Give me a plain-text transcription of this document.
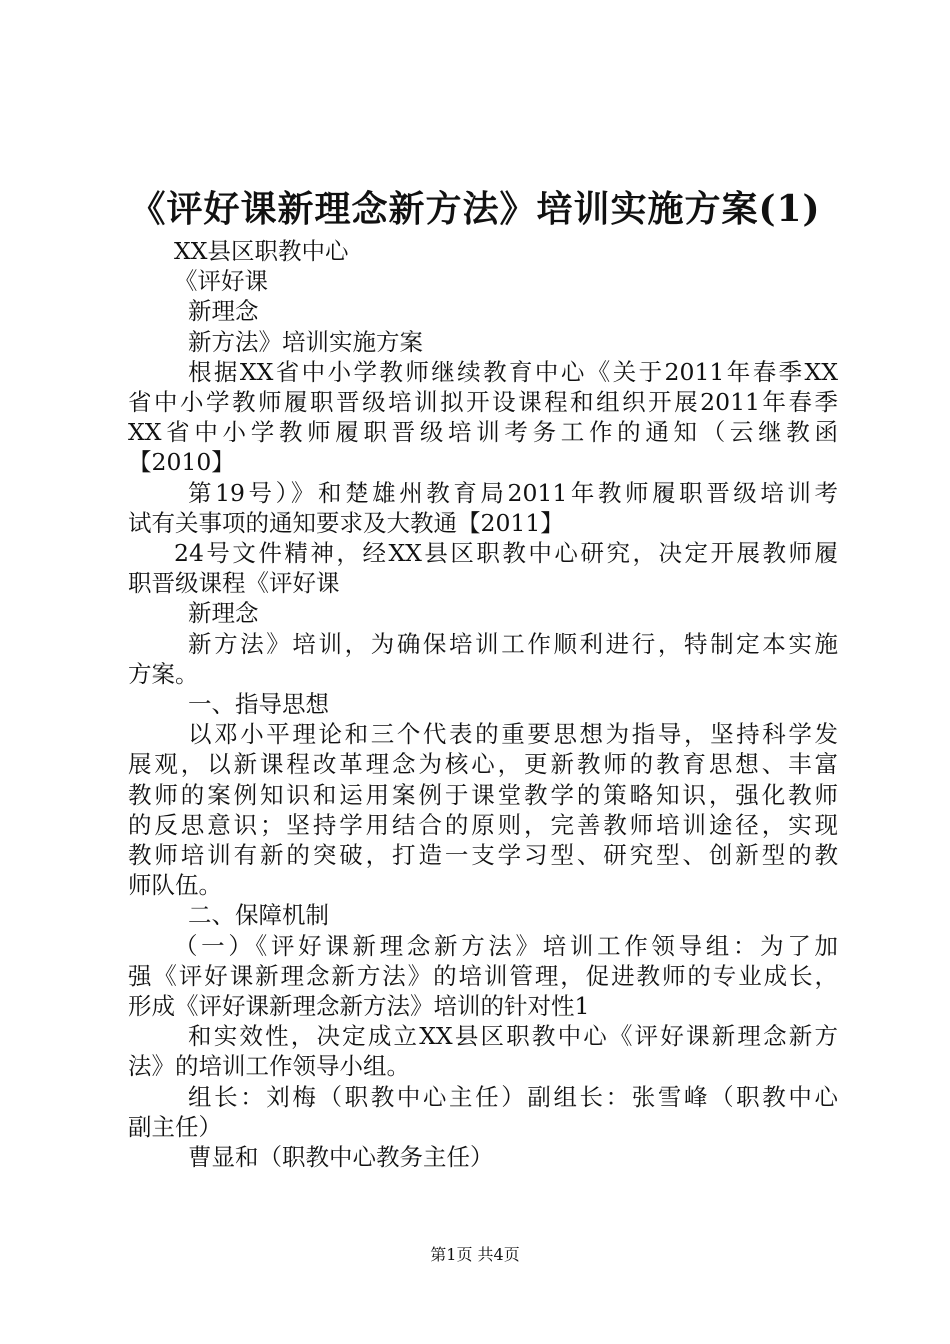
《评好课新理念新方法》培训实施方案(1)

XX县区职教中心

《评好课

新理念

新方法》培训实施方案

根据XX省中小学教师继续教育中心《关于2011年春季XX

省中小学教师履职晋级培训拟开设课程和组织开展2011年春季

XX省中小学教师履职晋级培训考务工作的通知（云继教函

【2010】

第19号）》和楚雄州教育局2011年教师履职晋级培训考

试有关事项的通知要求及大教通【2011】

24号文件精神，经XX县区职教中心研究，决定开展教师履

职晋级课程《评好课

新理念

新方法》培训，为确保培训工作顺利进行，特制定本实施

方案。

一、指导思想

以邓小平理论和三个代表的重要思想为指导，坚持科学发

展观，以新课程改革理念为核心，更新教师的教育思想、丰富

教师的案例知识和运用案例于课堂教学的策略知识，强化教师

的反思意识；坚持学用结合的原则，完善教师培训途径，实现

教师培训有新的突破，打造一支学习型、研究型、创新型的教

师队伍。

二、保障机制

（一）《评好课新理念新方法》培训工作领导组：为了加

强《评好课新理念新方法》的培训管理，促进教师的专业成长，

形成《评好课新理念新方法》培训的针对性1

和实效性，决定成立XX县区职教中心《评好课新理念新方

法》的培训工作领导小组。

组长：刘梅（职教中心主任）副组长：张雪峰（职教中心

副主任）

曹显和（职教中心教务主任）

第1页 共4页
